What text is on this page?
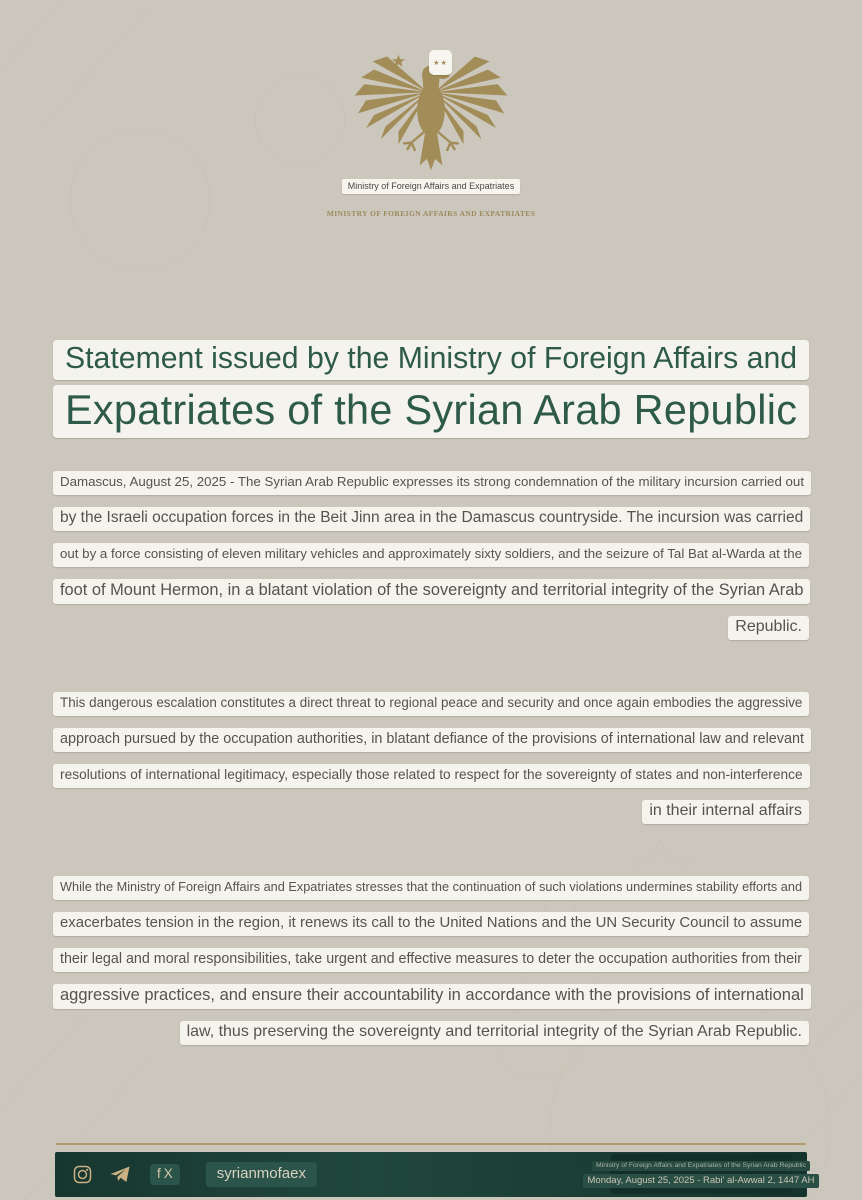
★★
Ministry of Foreign Affairs and Expatriates
MINISTRY OF FOREIGN AFFAIRS AND EXPATRIATES
Statement issued by the Ministry of Foreign Affairs and
Expatriates of the Syrian Arab Republic
Damascus, August 25, 2025 - The Syrian Arab Republic expresses its strong condemnation of the military incursion carried out
by the Israeli occupation forces in the Beit Jinn area in the Damascus countryside. The incursion was carried
out by a force consisting of eleven military vehicles and approximately sixty soldiers, and the seizure of Tal Bat al-Warda at the
foot of Mount Hermon, in a blatant violation of the sovereignty and territorial integrity of the Syrian Arab
Republic.
This dangerous escalation constitutes a direct threat to regional peace and security and once again embodies the aggressive
approach pursued by the occupation authorities, in blatant defiance of the provisions of international law and relevant
resolutions of international legitimacy, especially those related to respect for the sovereignty of states and non-interference
in their internal affairs
While the Ministry of Foreign Affairs and Expatriates stresses that the continuation of such violations undermines stability efforts and
exacerbates tension in the region, it renews its call to the United Nations and the UN Security Council to assume
their legal and moral responsibilities, take urgent and effective measures to deter the occupation authorities from their
aggressive practices, and ensure their accountability in accordance with the provisions of international
law, thus preserving the sovereignty and territorial integrity of the Syrian Arab Republic.
f X	syrianmofaex	Ministry of Foreign Affairs and Expatriates of the Syrian Arab Republic
Monday, August 25, 2025 - Rabi' al-Awwal 2, 1447 AH
